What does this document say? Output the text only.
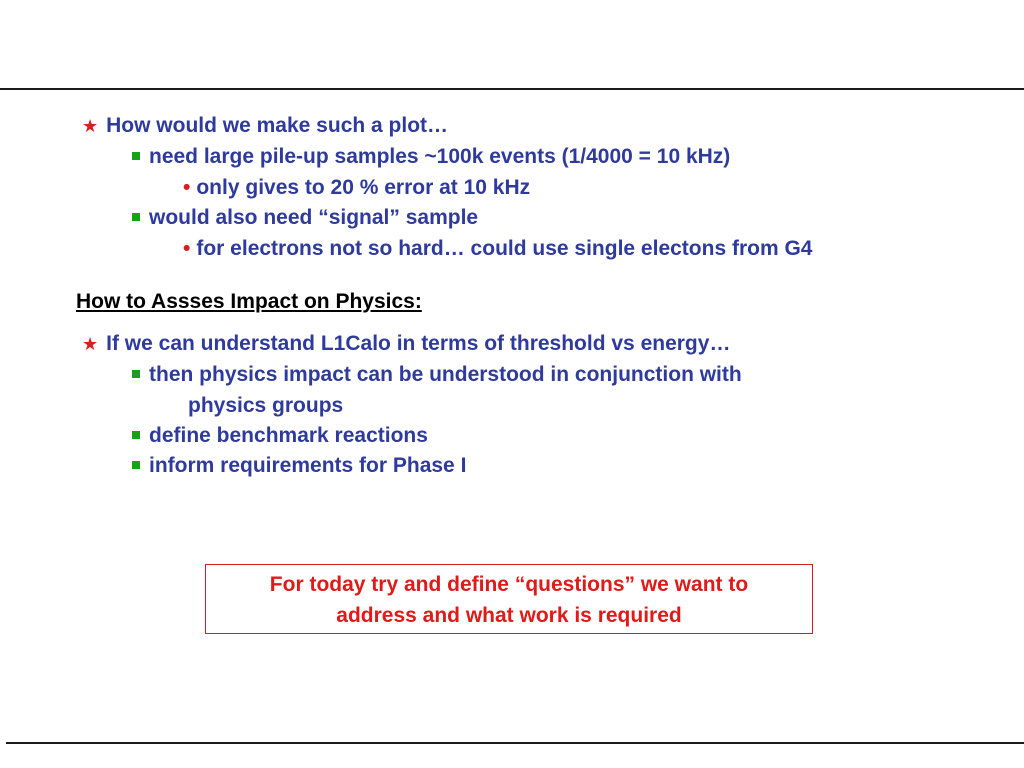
★ How would we make such a plot…
need large pile-up samples ~100k events (1/4000 = 10 kHz)
• only gives to 20 % error at 10 kHz
would also need “signal” sample
• for electrons not so hard… could use single electons from G4
How to Assses Impact on Physics:
★ If we can understand L1Calo in terms of threshold vs energy…
then physics impact can be understood in conjunction with
physics groups
define benchmark reactions
inform requirements for Phase I
For today try and define “questions” we want to
address and what work is required
